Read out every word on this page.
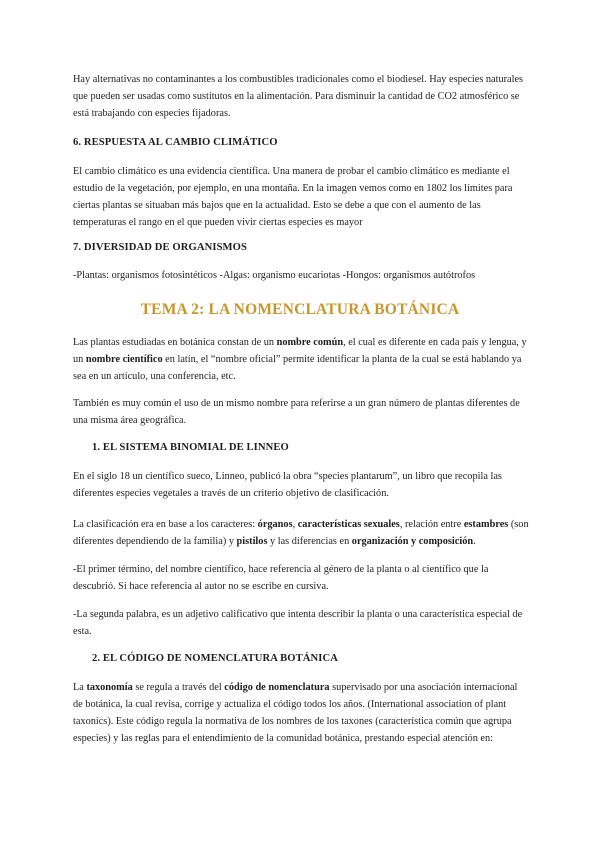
Hay alternativas no contaminantes a los combustibles tradicionales como el biodiesel. Hay especies naturales que pueden ser usadas como sustitutos en la alimentación. Para disminuir la cantidad de CO2 atmosférico se está trabajando con especies fijadoras.

6. RESPUESTA AL CAMBIO CLIMÁTICO

El cambio climático es una evidencia científica. Una manera de probar el cambio climático es mediante el estudio de la vegetación, por ejemplo, en una montaña. En la imagen vemos como en 1802 los límites para ciertas plantas se situaban más bajos que en la actualidad. Esto se debe a que con el aumento de las temperaturas el rango en el que pueden vivir ciertas especies es mayor

7. DIVERSIDAD DE ORGANISMOS

-Plantas: organismos fotosintéticos -Algas: organismo eucariotas -Hongos: organismos autótrofos

TEMA 2: LA NOMENCLATURA BOTÁNICA

Las plantas estudiadas en botánica constan de un nombre común, el cual es diferente en cada país y lengua, y un nombre científico en latín, el “nombre oficial” permite identificar la planta de la cual se está hablando ya sea en un artículo, una conferencia, etc.

También es muy común el uso de un mismo nombre para referirse a un gran número de plantas diferentes de una misma área geográfica.

1. EL SISTEMA BINOMIAL DE LINNEO

En el siglo 18 un científico sueco, Linneo, publicó la obra “species plantarum”, un libro que recopila las diferentes especies vegetales a través de un criterio objetivo de clasificación.

La clasificación era en base a los caracteres: órganos, características sexuales, relación entre estambres (son diferentes dependiendo de la familia) y pistilos y las diferencias en organización y composición.

-El primer término, del nombre científico, hace referencia al género de la planta o al científico que la descubrió. Si hace referencia al autor no se escribe en cursiva.

-La segunda palabra, es un adjetivo calificativo que intenta describir la planta o una característica especial de esta.

2. EL CÓDIGO DE NOMENCLATURA BOTÁNICA

La taxonomía se regula a través del código de nomenclatura supervisado por una asociación internacional de botánica, la cual revisa, corrige y actualiza el código todos los años. (International association of plant taxonics). Este código regula la normativa de los nombres de los taxones (característica común que agrupa especies) y las reglas para el entendimiento de la comunidad botánica, prestando especial atención en:
